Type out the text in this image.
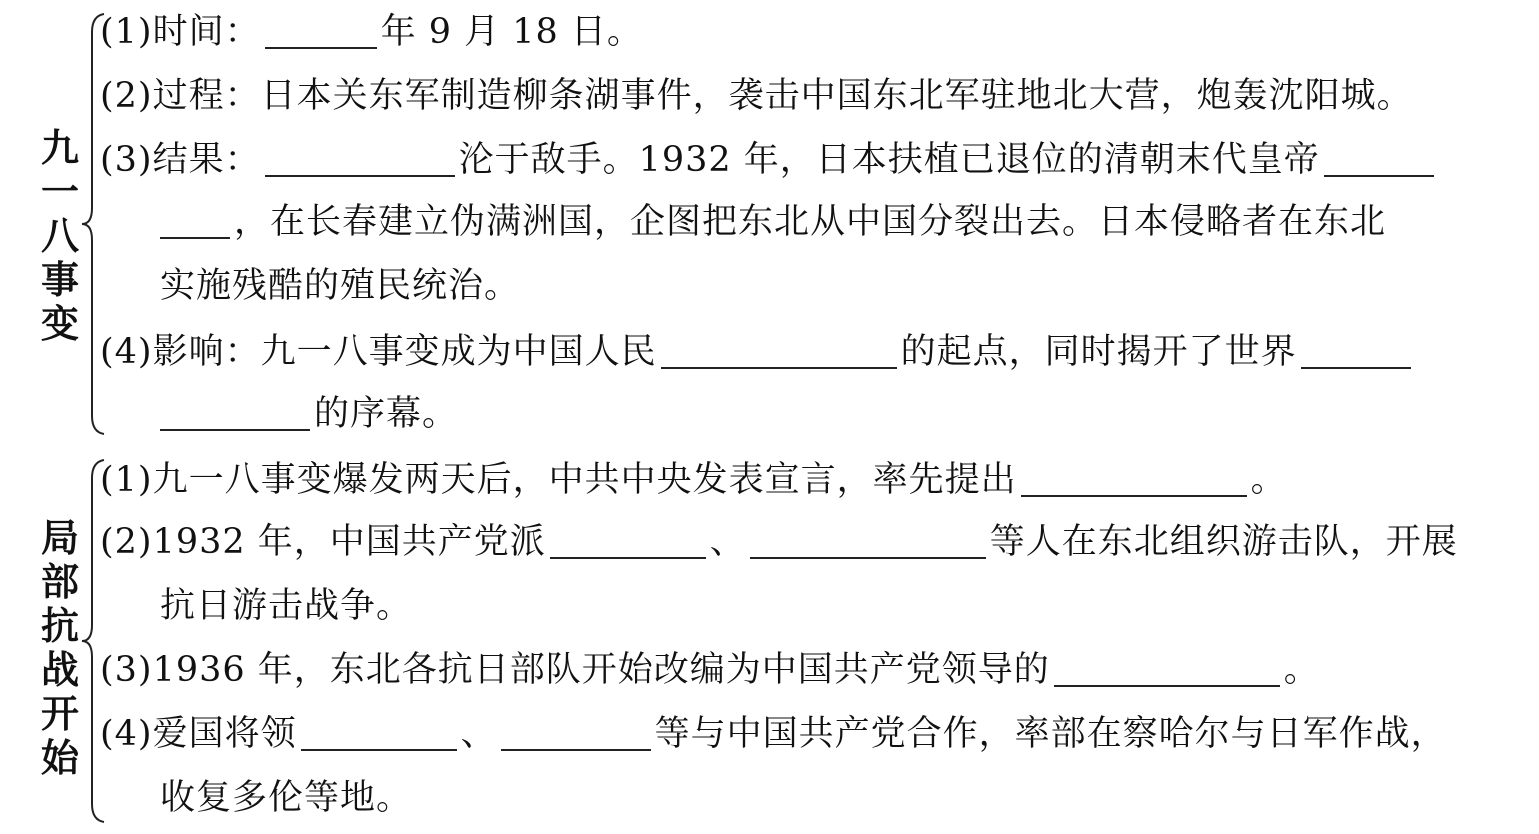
九一八事变
(1)时间：	年 9 月 18 日。
(2)过程：日本关东军制造柳条湖事件，袭击中国东北军驻地北大营，炮轰沈阳城。
(3)结果：	沦于敌手。1932 年，日本扶植已退位的清朝末代皇帝
，在长春建立伪满洲国，企图把东北从中国分裂出去。日本侵略者在东北
实施残酷的殖民统治。
(4)影响：九一八事变成为中国人民	的起点，同时揭开了世界
的序幕。
局部抗战开始
(1)九一八事变爆发两天后，中共中央发表宣言，率先提出	。
(2)1932 年，中国共产党派	、	等人在东北组织游击队，开展
抗日游击战争。
(3)1936 年，东北各抗日部队开始改编为中国共产党领导的	。
(4)爱国将领	、	等与中国共产党合作，率部在察哈尔与日军作战，
收复多伦等地。
